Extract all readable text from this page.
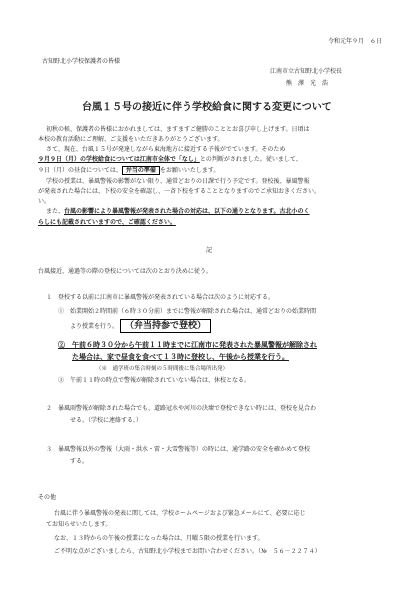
令和元年９月　６日
古知野北小学校保護者の皆様
江南市立古知野北小学校長
熊　澤　光　浩
台風１５号の接近に伴う学校給食に関する変更について
初秋の候、保護者の皆様におかれましては、ますますご健勝のこととお喜び申し上げます。日頃は
本校の教育活動にご理解、ご支援をいただきありがとうございます。
さて、現在、台風１５号が発達しながら東海地方に接近する予報がでています。そのため
９月９日（月）の学校給食については江南市全体で「なし」との判断がされました。従いまして、
９日（月）の昼食については、 弁当の準備 をお願いいたします。
学校の授業は、暴風警報の影響がない限り、通常どおりの日課で行う予定です。登校後、暴風警報
が発表された場合には、下校の安全を確認し、一斉下校をすることとなりますのでご承知おきください。
い。
また、台風の影響により暴風警報が発表された場合の対応は、以下の通りとなります。古北小のく
らしにも記載されていますので、ご確認ください。
記
台風接近、通過等の際の登校については次のとおり決めに従う。
１　登校する以前に江南市に暴風警報が発表されている場合は次のように対応する。
①　始業開始２時間前（６時３０分前）までに警報が解除された場合は、通常どおりの始業時間
より授業を行う。 （弁当持参で登校）
②　午前６時３０分から午前１１時までに江南市に発表された暴風警報が解除され
た場合は、家で昼食を食べて１３時に登校し、午後から授業を行う。
（※　通学班の集合時刻の５時間後に集合場所出発）
③　午前１１時の時点で警報が解除されていない場合は、休校となる。
２　暴風雨警報が解除された場合でも、道路冠水や河川の決壊で登校できない時には、登校を見合わ
せる。（学校に連絡する。）
３　暴風警報以外の警報（大雨・洪水・雷・大雪警報等）の時には、通学路の安全を確かめて登校
する。
その他
台風に伴う暴風警報の発表に関しては、学校ホームページおよび緊急メールにて、必要に応じ
てお知らせいたします。
なお、１３時からの午後の授業になった場合は、月曜５限の授業を行います。
ご不明な点がございましたら、古知野北小学校までお問い合わせください。（№　５６－２２７４）
